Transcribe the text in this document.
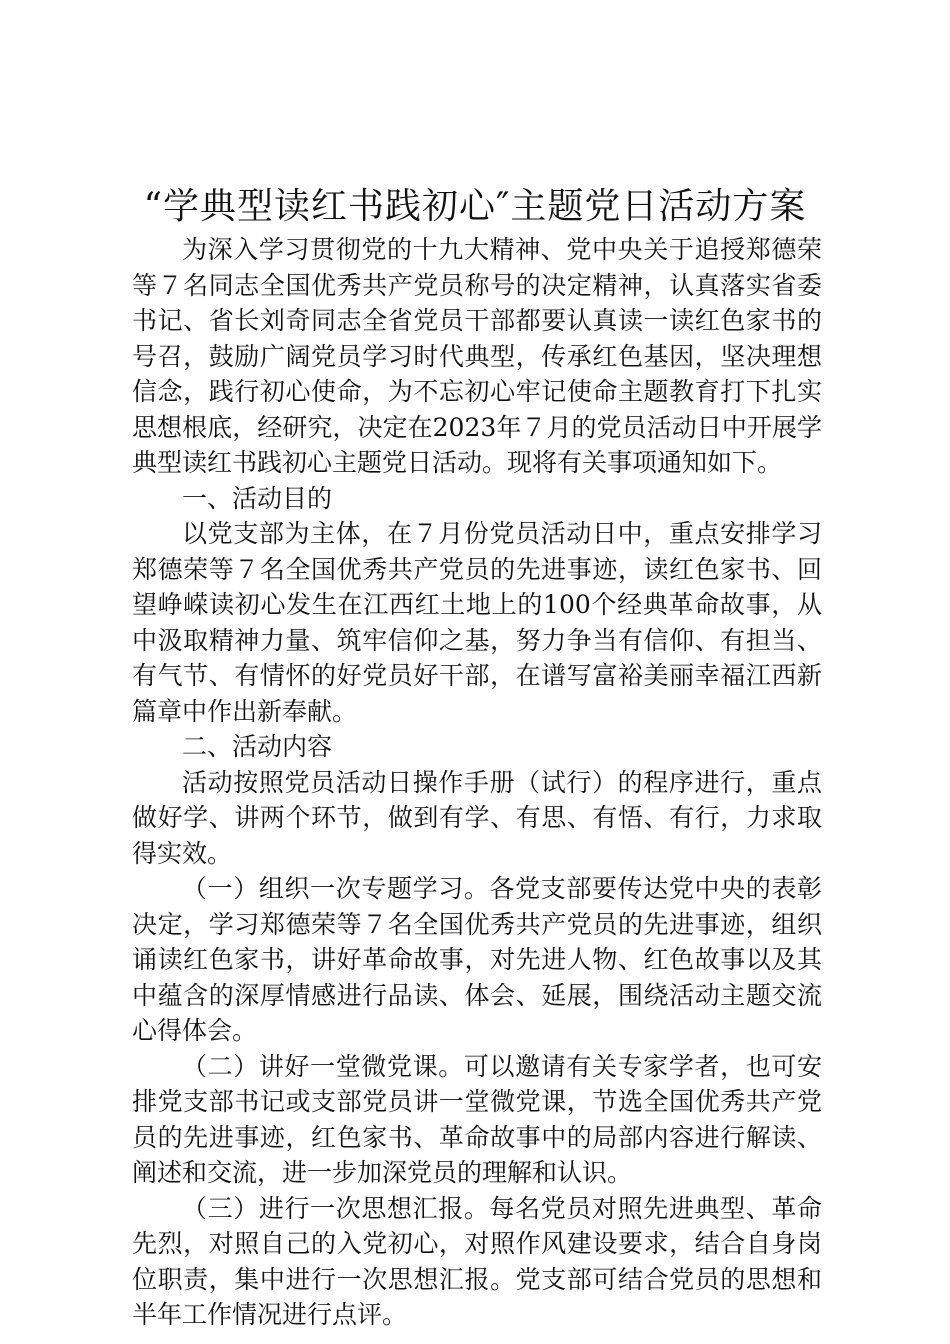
“学典型读红书践初心″主题党日活动方案

为深入学习贯彻党的十九大精神、党中央关于追授郑德荣等７名同志全国优秀共产党员称号的决定精神，认真落实省委书记、省长刘奇同志全省党员干部都要认真读一读红色家书的号召，鼓励广阔党员学习时代典型，传承红色基因，坚决理想信念，践行初心使命，为不忘初心牢记使命主题教育打下扎实思想根底，经研究，决定在2023年７月的党员活动日中开展学典型读红书践初心主题党日活动。现将有关事项通知如下。

一、活动目的

以党支部为主体，在７月份党员活动日中，重点安排学习郑德荣等７名全国优秀共产党员的先进事迹，读红色家书、回望峥嵘读初心发生在江西红土地上的100个经典革命故事，从中汲取精神力量、筑牢信仰之基，努力争当有信仰、有担当、有气节、有情怀的好党员好干部，在谱写富裕美丽幸福江西新篇章中作出新奉献。

二、活动内容

活动按照党员活动日操作手册（试行）的程序进行，重点做好学、讲两个环节，做到有学、有思、有悟、有行，力求取得实效。

（一）组织一次专题学习。各党支部要传达党中央的表彰决定，学习郑德荣等７名全国优秀共产党员的先进事迹，组织诵读红色家书，讲好革命故事，对先进人物、红色故事以及其中蕴含的深厚情感进行品读、体会、延展，围绕活动主题交流心得体会。

（二）讲好一堂微党课。可以邀请有关专家学者，也可安排党支部书记或支部党员讲一堂微党课，节选全国优秀共产党员的先进事迹，红色家书、革命故事中的局部内容进行解读、阐述和交流，进一步加深党员的理解和认识。

（三）进行一次思想汇报。每名党员对照先进典型、革命先烈，对照自己的入党初心，对照作风建设要求，结合自身岗位职责，集中进行一次思想汇报。党支部可结合党员的思想和半年工作情况进行点评。
